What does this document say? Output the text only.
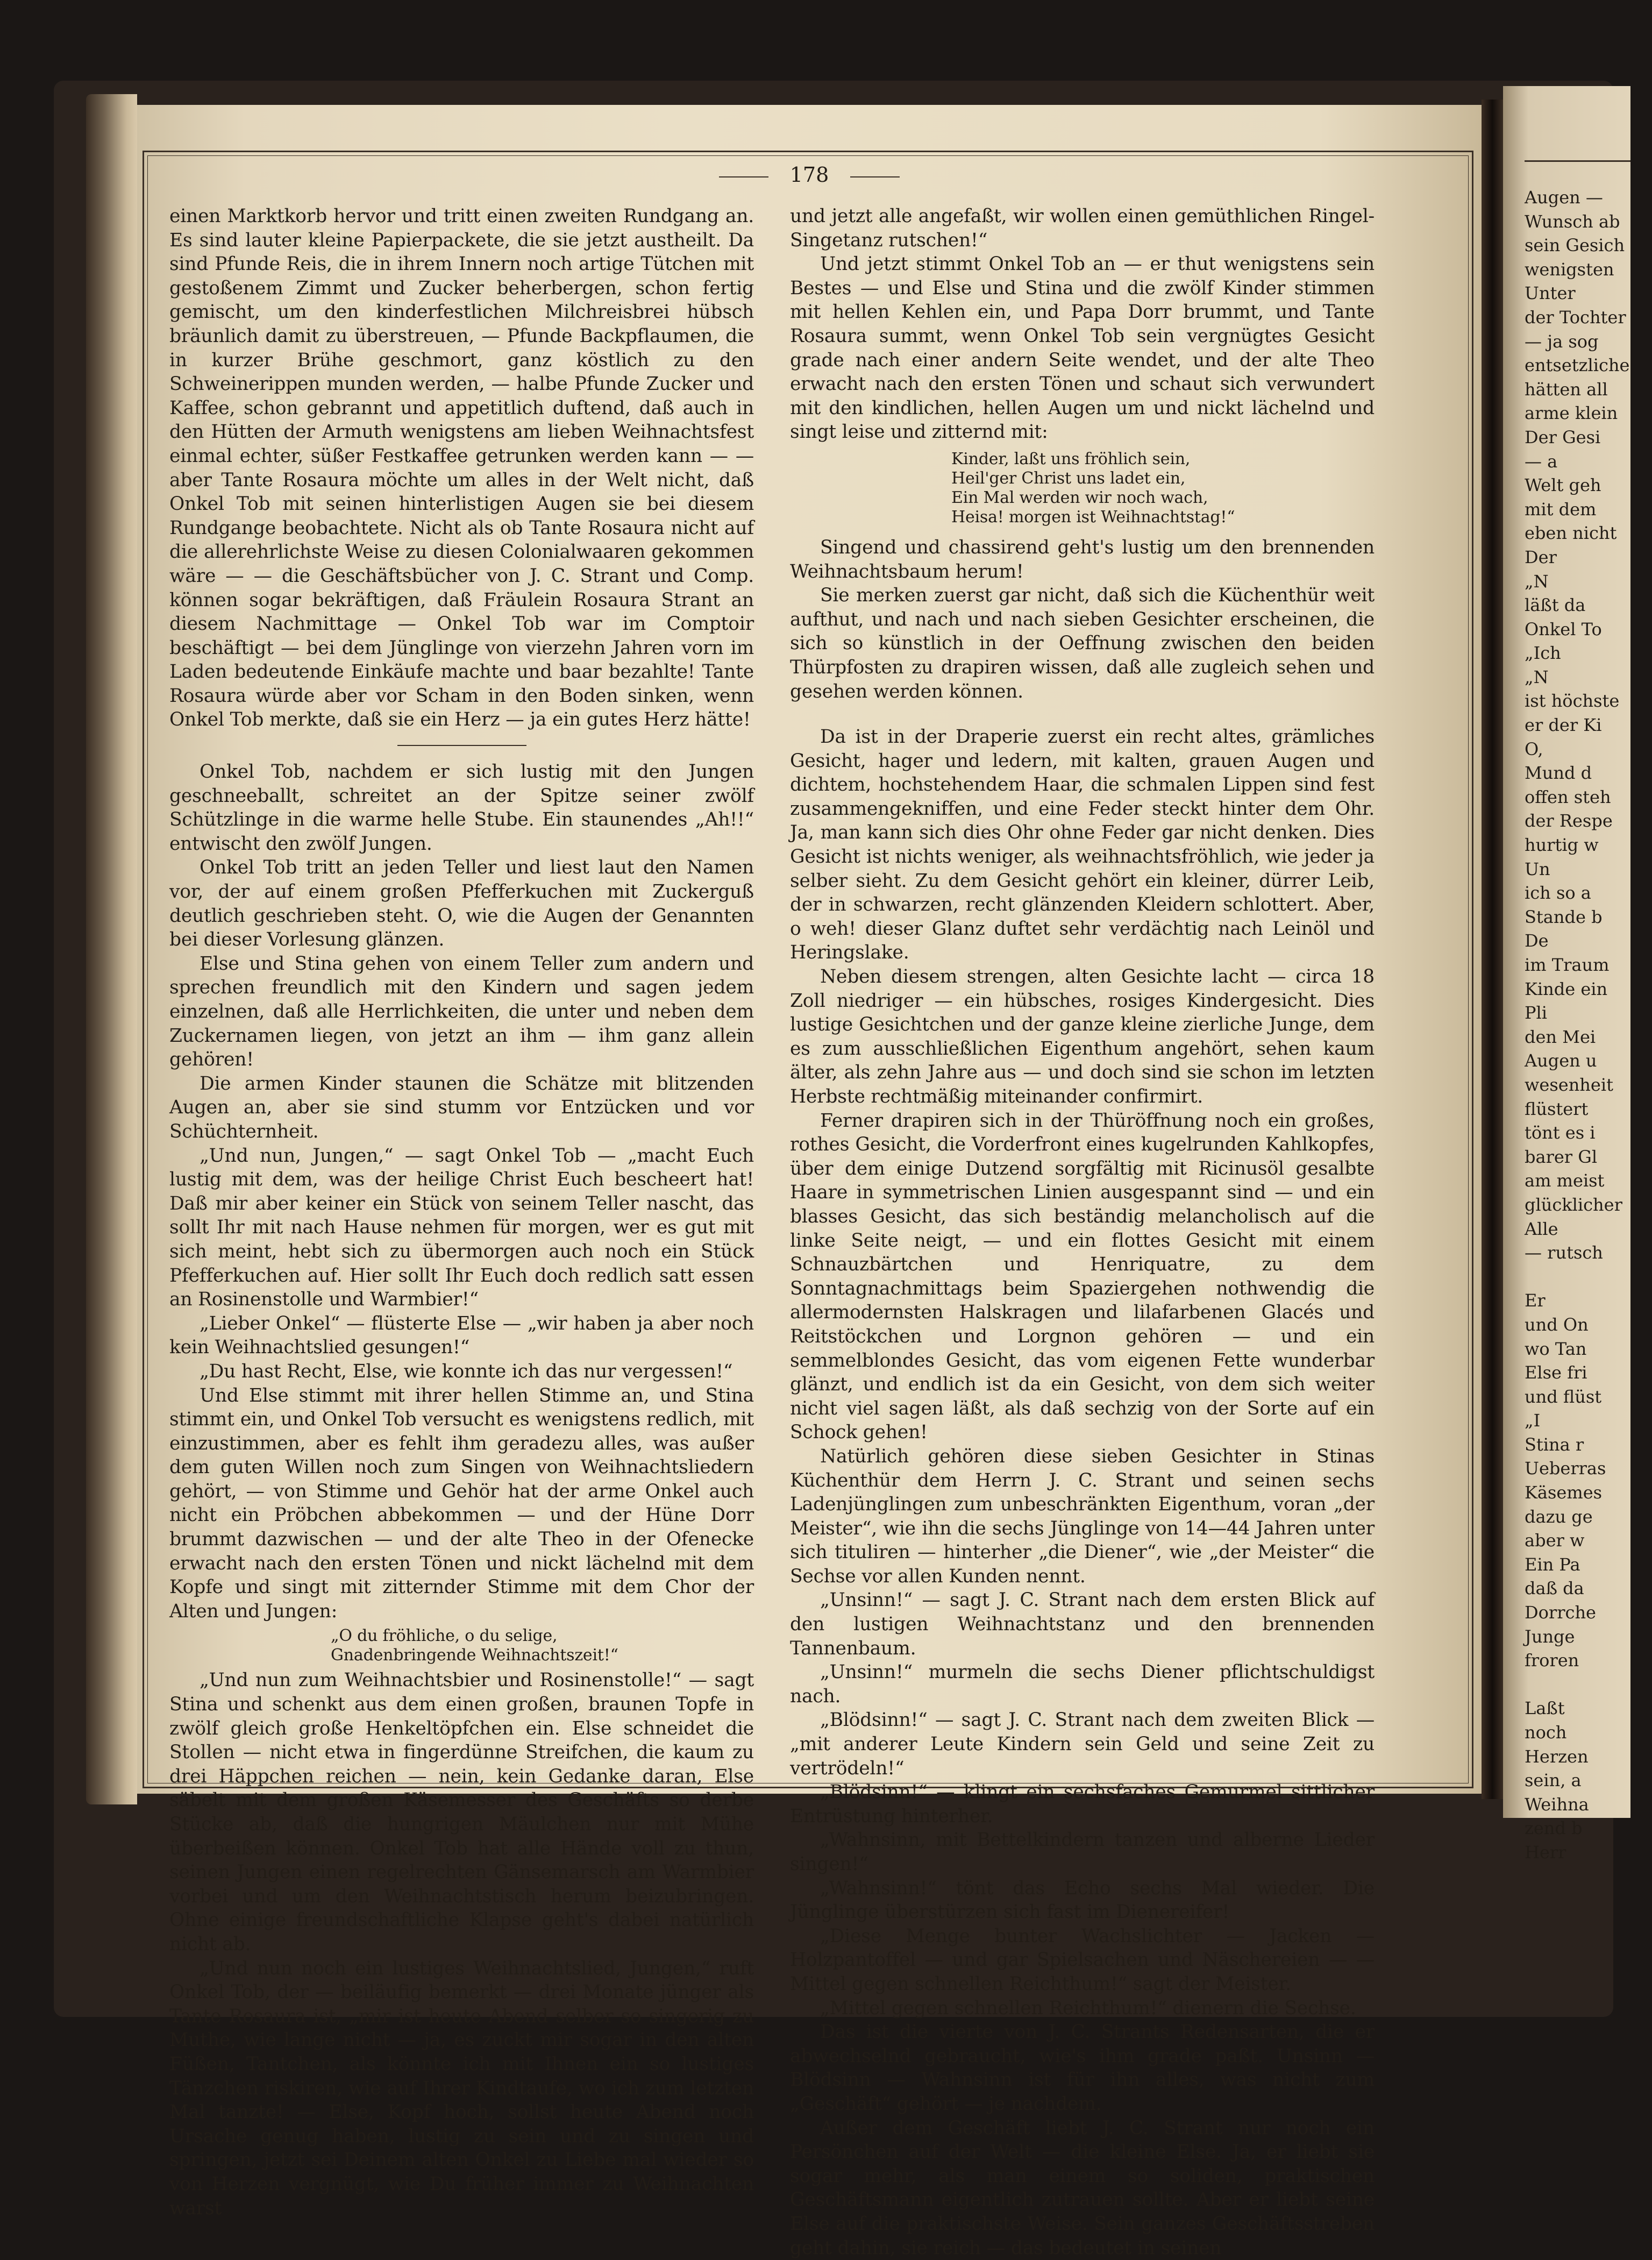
178

einen Marktkorb hervor und tritt einen zweiten Rundgang an. Es sind lauter kleine Papierpackete, die sie jetzt austheilt. Da sind Pfunde Reis, die in ihrem Innern noch artige Tütchen mit gestoßenem Zimmt und Zucker beherbergen, schon fertig gemischt, um den kinderfestlichen Milchreisbrei hübsch bräunlich damit zu überstreuen, — Pfunde Backpflaumen, die in kurzer Brühe geschmort, ganz köstlich zu den Schweinerippen munden werden, — halbe Pfunde Zucker und Kaffee, schon gebrannt und appetitlich duftend, daß auch in den Hütten der Armuth wenigstens am lieben Weihnachtsfest einmal echter, süßer Festkaffee getrunken werden kann — — aber Tante Rosaura möchte um alles in der Welt nicht, daß Onkel Tob mit seinen hinterlistigen Augen sie bei diesem Rundgange beobachtete. Nicht als ob Tante Rosaura nicht auf die allerehrlichste Weise zu diesen Colonialwaaren gekommen wäre — — die Geschäftsbücher von J. C. Strant und Comp. können sogar bekräftigen, daß Fräulein Rosaura Strant an diesem Nachmittage — Onkel Tob war im Comptoir beschäftigt — bei dem Jünglinge von vierzehn Jahren vorn im Laden bedeutende Einkäufe machte und baar bezahlte! Tante Rosaura würde aber vor Scham in den Boden sinken, wenn Onkel Tob merkte, daß sie ein Herz — ja ein gutes Herz hätte!

Onkel Tob, nachdem er sich lustig mit den Jungen geschneeballt, schreitet an der Spitze seiner zwölf Schützlinge in die warme helle Stube. Ein staunendes „Ah!!“ entwischt den zwölf Jungen.

Onkel Tob tritt an jeden Teller und liest laut den Namen vor, der auf einem großen Pfefferkuchen mit Zuckerguß deutlich geschrieben steht. O, wie die Augen der Genannten bei dieser Vorlesung glänzen.

Else und Stina gehen von einem Teller zum andern und sprechen freundlich mit den Kindern und sagen jedem einzelnen, daß alle Herrlichkeiten, die unter und neben dem Zuckernamen liegen, von jetzt an ihm — ihm ganz allein gehören!

Die armen Kinder staunen die Schätze mit blitzenden Augen an, aber sie sind stumm vor Entzücken und vor Schüchternheit.

„Und nun, Jungen,“ — sagt Onkel Tob — „macht Euch lustig mit dem, was der heilige Christ Euch bescheert hat! Daß mir aber keiner ein Stück von seinem Teller nascht, das sollt Ihr mit nach Hause nehmen für morgen, wer es gut mit sich meint, hebt sich zu übermorgen auch noch ein Stück Pfefferkuchen auf. Hier sollt Ihr Euch doch redlich satt essen an Rosinenstolle und Warmbier!“

„Lieber Onkel“ — flüsterte Else — „wir haben ja aber noch kein Weihnachtslied gesungen!“

„Du hast Recht, Else, wie konnte ich das nur vergessen!“

Und Else stimmt mit ihrer hellen Stimme an, und Stina stimmt ein, und Onkel Tob versucht es wenigstens redlich, mit einzustimmen, aber es fehlt ihm geradezu alles, was außer dem guten Willen noch zum Singen von Weihnachtsliedern gehört, — von Stimme und Gehör hat der arme Onkel auch nicht ein Pröbchen abbekommen — und der Hüne Dorr brummt dazwischen — und der alte Theo in der Ofenecke erwacht nach den ersten Tönen und nickt lächelnd mit dem Kopfe und singt mit zitternder Stimme mit dem Chor der Alten und Jungen:

„O du fröhliche, o du selige,
Gnadenbringende Weihnachtszeit!“

„Und nun zum Weihnachtsbier und Rosinenstolle!“ — sagt Stina und schenkt aus dem einen großen, braunen Topfe in zwölf gleich große Henkeltöpfchen ein. Else schneidet die Stollen — nicht etwa in fingerdünne Streifchen, die kaum zu drei Häppchen reichen — nein, kein Gedanke daran, Else säbelt mit dem großen Käsemesser des Geschäfts so derbe Stücke ab, daß die hungrigen Mäulchen nur mit Mühe überbeißen können. Onkel Tob hat alle Hände voll zu thun, seinen Jungen einen regelrechten Gänsemarsch am Warmbier vorbei und um den Weihnachtstisch herum beizubringen. Ohne einige freundschaftliche Klapse geht's dabei natürlich nicht ab.

„Und nun noch ein lustiges Weihnachtslied, Jungen,“ ruft Onkel Tob, der — beiläufig bemerkt — drei Monate jünger als Tante Rosaura ist, „mir ist heute Abend selber so singerig zu Muthe, wie lange nicht — ja, es zuckt mir sogar in den alten Füßen, Tantchen, als könnte ich mit Ihnen ein so lustiges Tänzchen riskiren, wie auf Ihrer Kindtaufe, wo ich zum letzten Mal tanzte! — Else, Kopf hoch, sollst heute Abend noch Ursache genug haben, lustig zu sein und zu singen und springen, jetzt sei Deinem alten Onkel zu Liebe mal wieder so von Herzen vergnügt, wie Du früher immer zu Weihnachten warst

und jetzt alle angefaßt, wir wollen einen gemüthlichen Ringel-Singetanz rutschen!“

Und jetzt stimmt Onkel Tob an — er thut wenigstens sein Bestes — und Else und Stina und die zwölf Kinder stimmen mit hellen Kehlen ein, und Papa Dorr brummt, und Tante Rosaura summt, wenn Onkel Tob sein vergnügtes Gesicht grade nach einer andern Seite wendet, und der alte Theo erwacht nach den ersten Tönen und schaut sich verwundert mit den kindlichen, hellen Augen um und nickt lächelnd und singt leise und zitternd mit:

Kinder, laßt uns fröhlich sein,
Heil'ger Christ uns ladet ein,
Ein Mal werden wir noch wach,
Heisa! morgen ist Weihnachtstag!“

Singend und chassirend geht's lustig um den brennenden Weihnachtsbaum herum!

Sie merken zuerst gar nicht, daß sich die Küchenthür weit aufthut, und nach und nach sieben Gesichter erscheinen, die sich so künstlich in der Oeffnung zwischen den beiden Thürpfosten zu drapiren wissen, daß alle zugleich sehen und gesehen werden können.

Da ist in der Draperie zuerst ein recht altes, grämliches Gesicht, hager und ledern, mit kalten, grauen Augen und dichtem, hochstehendem Haar, die schmalen Lippen sind fest zusammengekniffen, und eine Feder steckt hinter dem Ohr. Ja, man kann sich dies Ohr ohne Feder gar nicht denken. Dies Gesicht ist nichts weniger, als weihnachtsfröhlich, wie jeder ja selber sieht. Zu dem Gesicht gehört ein kleiner, dürrer Leib, der in schwarzen, recht glänzenden Kleidern schlottert. Aber, o weh! dieser Glanz duftet sehr verdächtig nach Leinöl und Heringslake.

Neben diesem strengen, alten Gesichte lacht — circa 18 Zoll niedriger — ein hübsches, rosiges Kindergesicht. Dies lustige Gesichtchen und der ganze kleine zierliche Junge, dem es zum ausschließlichen Eigenthum angehört, sehen kaum älter, als zehn Jahre aus — und doch sind sie schon im letzten Herbste rechtmäßig miteinander confirmirt.

Ferner drapiren sich in der Thüröffnung noch ein großes, rothes Gesicht, die Vorderfront eines kugelrunden Kahlkopfes, über dem einige Dutzend sorgfältig mit Ricinusöl gesalbte Haare in symmetrischen Linien ausgespannt sind — und ein blasses Gesicht, das sich beständig melancholisch auf die linke Seite neigt, — und ein flottes Gesicht mit einem Schnauzbärtchen und Henriquatre, zu dem Sonntagnachmittags beim Spaziergehen nothwendig die allermodernsten Halskragen und lilafarbenen Glacés und Reitstöckchen und Lorgnon gehören — und ein semmelblondes Gesicht, das vom eigenen Fette wunderbar glänzt, und endlich ist da ein Gesicht, von dem sich weiter nicht viel sagen läßt, als daß sechzig von der Sorte auf ein Schock gehen!

Natürlich gehören diese sieben Gesichter in Stinas Küchenthür dem Herrn J. C. Strant und seinen sechs Ladenjünglingen zum unbeschränkten Eigenthum, voran „der Meister“, wie ihn die sechs Jünglinge von 14—44 Jahren unter sich tituliren — hinterher „die Diener“, wie „der Meister“ die Sechse vor allen Kunden nennt.

„Unsinn!“ — sagt J. C. Strant nach dem ersten Blick auf den lustigen Weihnachtstanz und den brennenden Tannenbaum.

„Unsinn!“ murmeln die sechs Diener pflichtschuldigst nach.

„Blödsinn!“ — sagt J. C. Strant nach dem zweiten Blick — „mit anderer Leute Kindern sein Geld und seine Zeit zu vertrödeln!“

„Blödsinn!“ — klingt ein sechsfaches Gemurmel sittlicher Entrüstung hinterher.

„Wahnsinn, mit Bettelkindern tanzen und alberne Lieder singen!“

„Wahnsinn!“ tönt das Echo sechs Mal wieder. Die Jünglinge überstürzen sich fast im Dienereifer!

„Diese Menge bunter Wachslichter — Jacken — Holzpantoffel — und gar Spielsachen und Näschereien — — Mittel gegen schnellen Reichthum!“ sagt der Meister.

„Mittel gegen schnellen Reichthum!“ dienern die Sechse.

Das ist die vierte von J. C. Strants Redensarten, die er abwechselnd gebraucht, wie's ihm grade paßt. Unsinn — Blödsinn — Wahnsinn ist für ihn alles, was nicht zum „Geschäft“ gehört — je nachdem.

Außer dem Geschäft liebt J. C. Strant nur noch ein Persönchen auf der Welt — die kleine Else. Ja, er liebt sie sogar mehr, als man einem so soliden, praktischen Geschäftsmann eigentlich zutrauen sollte. Aber er liebt seine Else auf die praktischste Weise. Sein ganzes Geschäftsstreben geht dahin, sie reich — das bedeutet in seinen

Augen —
Wunsch ab
sein Gesich
wenigsten
Unter
der Tochter
— ja sog
entsetzliche
hätten all
arme klein
Der Gesi
— a
Welt geh
mit dem
eben nicht
Der
„N
läßt da
Onkel To
„Ich
„N
ist höchste
er der Ki
O,
Mund d
offen steh
der Respe
hurtig w
Un
ich so a
Stande b
De
im Traum
Kinde ein
Pli
den Mei
Augen u
wesenheit
flüstert
tönt es i
barer Gl
am meist
glücklicher
Alle
— rutsch

Er
und On
wo Tan
Else fri
und flüst
„I
Stina r
Ueberras
Käsemes
dazu ge
aber w
Ein Pa
daß da
Dorrche
Junge
froren

Laßt
noch
Herzen
sein, a
Weihna
zend b
Herr
